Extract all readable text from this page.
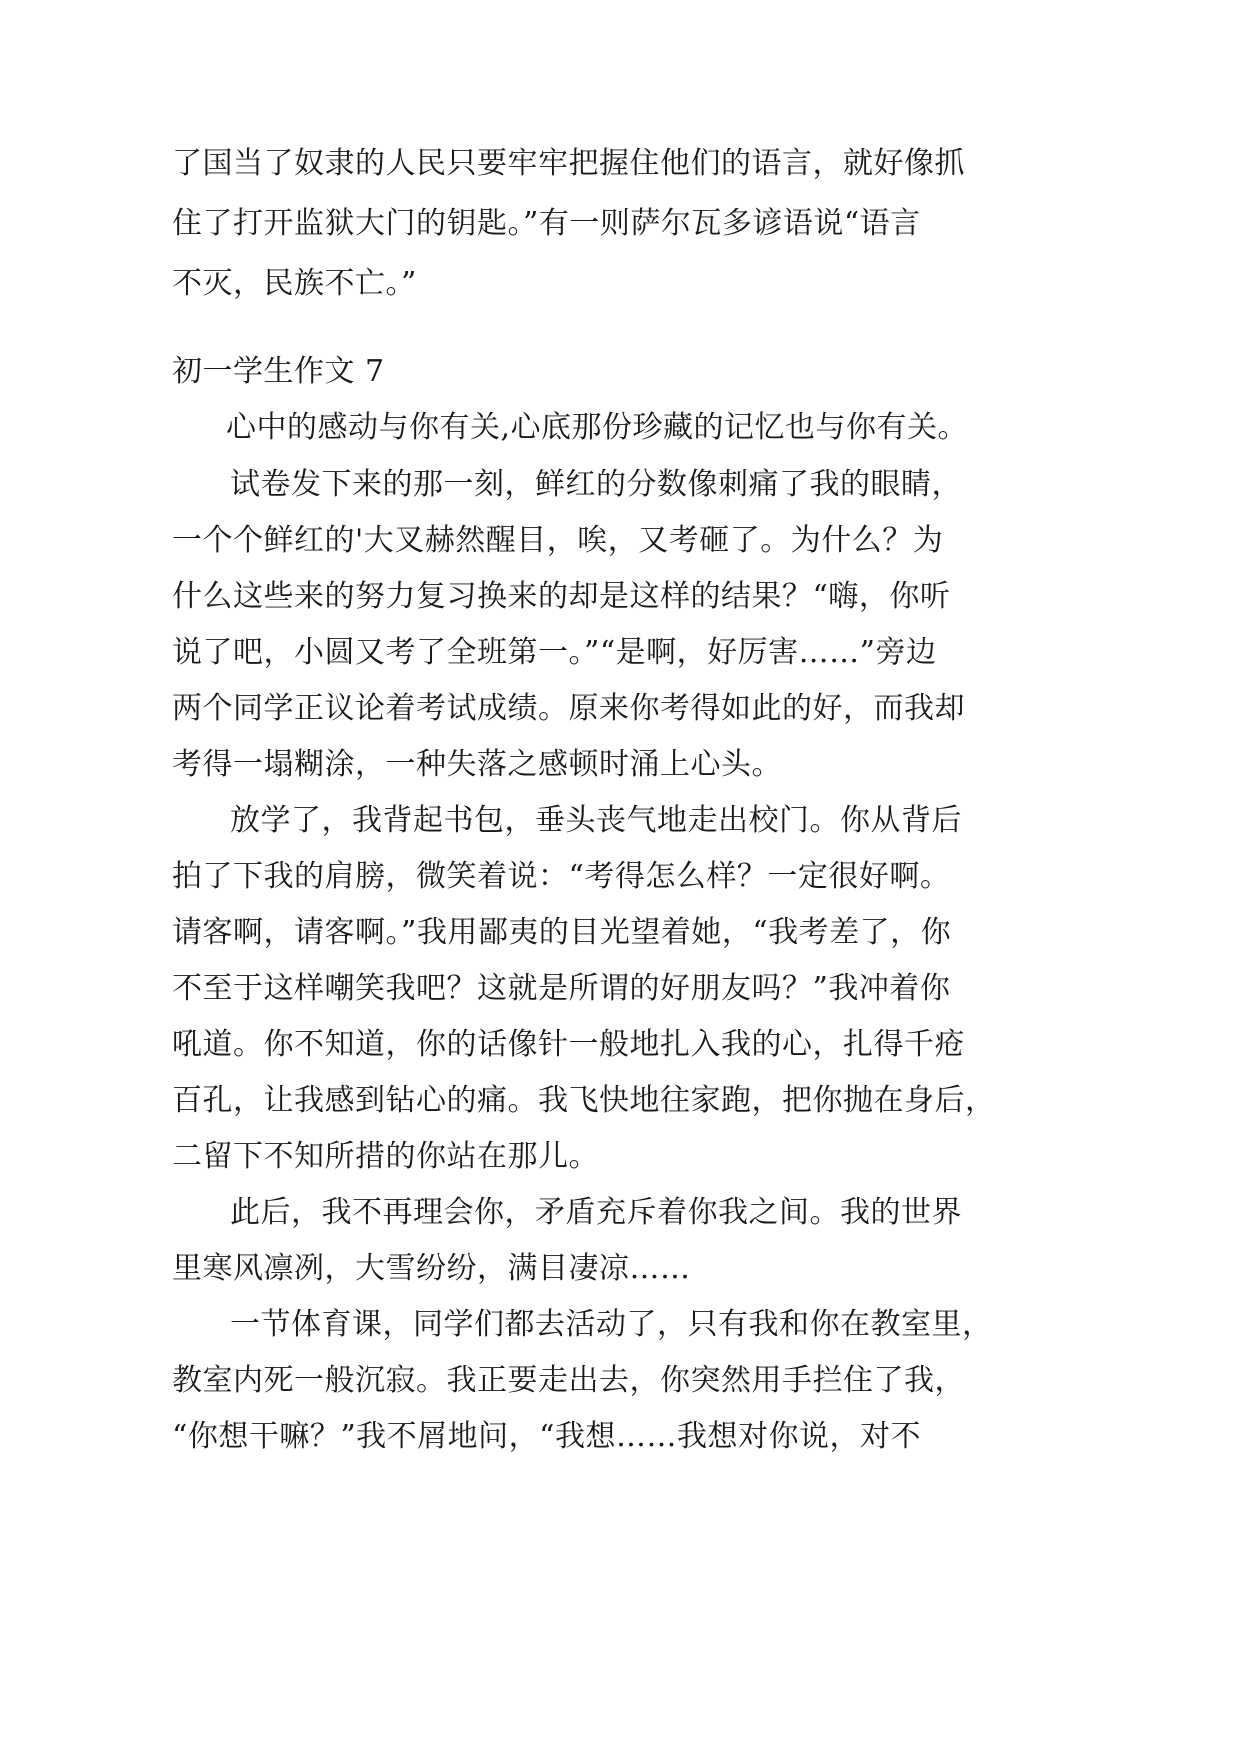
了国当了奴隶的人民只要牢牢把握住他们的语言，就好像抓
住了打开监狱大门的钥匙。”有一则萨尔瓦多谚语说“语言
不灭，民族不亡。”
初一学生作文 7
心中的感动与你有关,心底那份珍藏的记忆也与你有关。
试卷发下来的那一刻，鲜红的分数像刺痛了我的眼睛，
一个个鲜红的'大叉赫然醒目，唉，又考砸了。为什么？为
什么这些来的努力复习换来的却是这样的结果？“嗨，你听
说了吧，小圆又考了全班第一。”“是啊，好厉害……”旁边
两个同学正议论着考试成绩。原来你考得如此的好，而我却
考得一塌糊涂，一种失落之感顿时涌上心头。
放学了，我背起书包，垂头丧气地走出校门。你从背后
拍了下我的肩膀，微笑着说：“考得怎么样？一定很好啊。
请客啊，请客啊。”我用鄙夷的目光望着她，“我考差了，你
不至于这样嘲笑我吧？这就是所谓的好朋友吗？”我冲着你
吼道。你不知道，你的话像针一般地扎入我的心，扎得千疮
百孔，让我感到钻心的痛。我飞快地往家跑，把你抛在身后，
二留下不知所措的你站在那儿。
此后，我不再理会你，矛盾充斥着你我之间。我的世界
里寒风凛冽，大雪纷纷，满目凄凉……
一节体育课，同学们都去活动了，只有我和你在教室里，
教室内死一般沉寂。我正要走出去，你突然用手拦住了我，
“你想干嘛？”我不屑地问，“我想……我想对你说，对不
